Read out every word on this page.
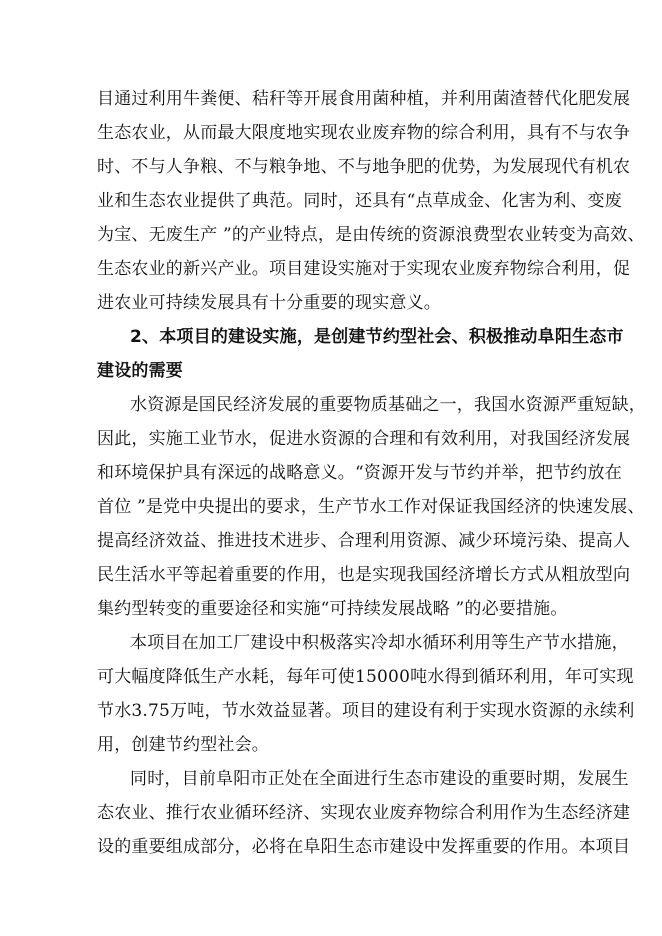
目通过利用牛粪便、秸秆等开展食用菌种植，并利用菌渣替代化肥发展
生态农业，从而最大限度地实现农业废弃物的综合利用，具有不与农争
时、不与人争粮、不与粮争地、不与地争肥的优势，为发展现代有机农
业和生态农业提供了典范。同时，还具有“点草成金、化害为利、变废
为宝、无废生产 ”的产业特点，是由传统的资源浪费型农业转变为高效、
生态农业的新兴产业。项目建设实施对于实现农业废弃物综合利用，促
进农业可持续发展具有十分重要的现实意义。
2、本项目的建设实施，是创建节约型社会、积极推动阜阳生态市
建设的需要
水资源是国民经济发展的重要物质基础之一，我国水资源严重短缺，
因此，实施工业节水，促进水资源的合理和有效利用，对我国经济发展
和环境保护具有深远的战略意义。“资源开发与节约并举，把节约放在
首位 ”是党中央提出的要求，生产节水工作对保证我国经济的快速发展、
提高经济效益、推进技术进步、合理利用资源、减少环境污染、提高人
民生活水平等起着重要的作用，也是实现我国经济增长方式从粗放型向
集约型转变的重要途径和实施“可持续发展战略 ”的必要措施。
本项目在加工厂建设中积极落实冷却水循环利用等生产节水措施，
可大幅度降低生产水耗，每年可使15000吨水得到循环利用，年可实现
节水3.75万吨，节水效益显著。项目的建设有利于实现水资源的永续利
用，创建节约型社会。
同时，目前阜阳市正处在全面进行生态市建设的重要时期，发展生
态农业、推行农业循环经济、实现农业废弃物综合利用作为生态经济建
设的重要组成部分，必将在阜阳生态市建设中发挥重要的作用。本项目
